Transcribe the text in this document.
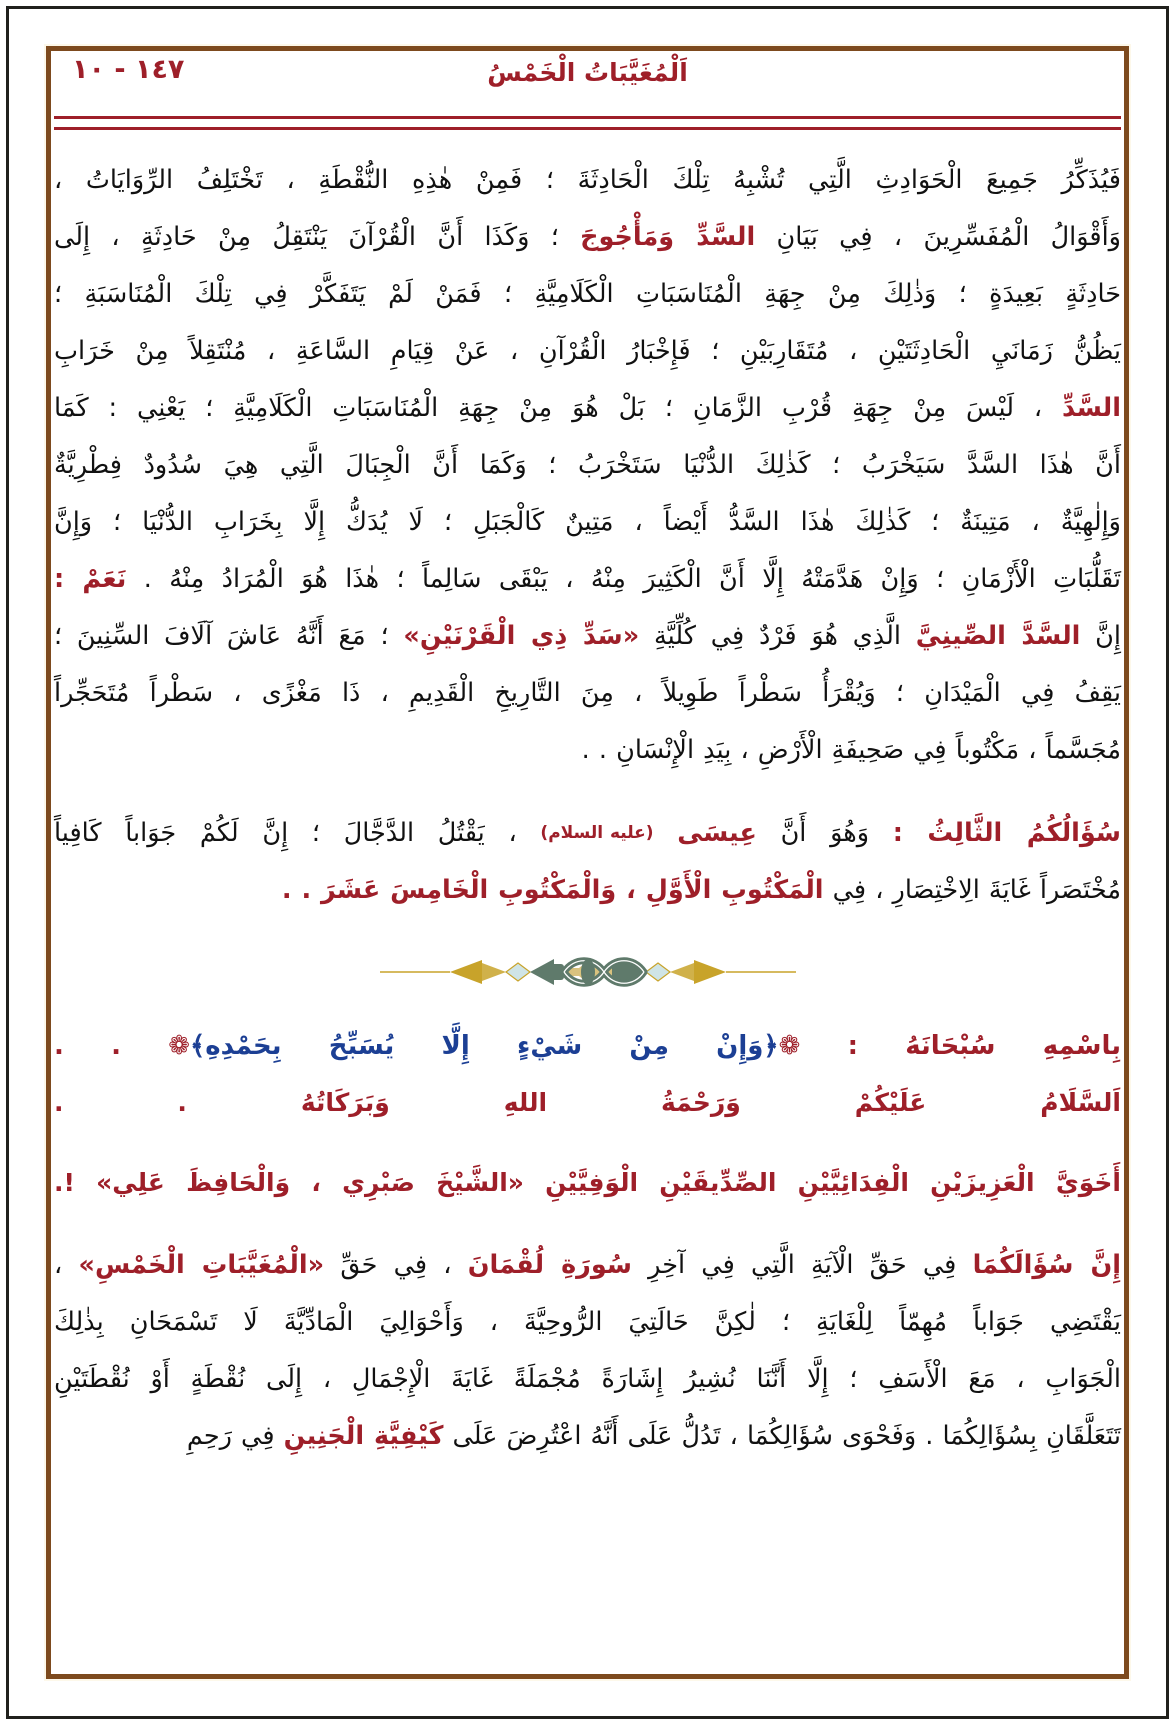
١٠ - ١٤٧	اَلْمُغَيَّبَاتُ الْخَمْسُ

فَيُذَكِّرُ جَمِيعَ الْحَوَادِثِ الَّتِي تُشْبِهُ تِلْكَ الْحَادِثَةَ ؛ فَمِنْ هٰذِهِ النُّقْطَةِ ، تَخْتَلِفُ الرِّوَايَاتُ ،
وَأَقْوَالُ الْمُفَسِّرِينَ ، فِي بَيَانِ السَّدِّ وَمَأْجُوجَ ؛ وَكَذَا أَنَّ الْقُرْآنَ يَنْتَقِلُ مِنْ حَادِثَةٍ ، إِلَى
حَادِثَةٍ بَعِيدَةٍ ؛ وَذٰلِكَ مِنْ جِهَةِ الْمُنَاسَبَاتِ الْكَلَامِيَّةِ ؛ فَمَنْ لَمْ يَتَفَكَّرْ فِي تِلْكَ الْمُنَاسَبَةِ ؛
يَظُنُّ زَمَانَيِ الْحَادِثَتَيْنِ ، مُتَقَارِبَيْنِ ؛ فَإِخْبَارُ الْقُرْآنِ ، عَنْ قِيَامِ السَّاعَةِ ، مُنْتَقِلاً مِنْ خَرَابِ
السَّدِّ ، لَيْسَ مِنْ جِهَةِ قُرْبِ الزَّمَانِ ؛ بَلْ هُوَ مِنْ جِهَةِ الْمُنَاسَبَاتِ الْكَلَامِيَّةِ ؛ يَعْنِي : كَمَا
أَنَّ هٰذَا السَّدَّ سَيَخْرَبُ ؛ كَذٰلِكَ الدُّنْيَا سَتَخْرَبُ ؛ وَكَمَا أَنَّ الْجِبَالَ الَّتِي هِيَ سُدُودٌ فِطْرِيَّةٌ
وَإِلٰهِيَّةٌ ، مَتِينَةٌ ؛ كَذٰلِكَ هٰذَا السَّدُّ أَيْضاً ، مَتِينٌ كَالْجَبَلِ ؛ لَا يُدَكُّ إِلَّا بِخَرَابِ الدُّنْيَا ؛ وَإِنَّ
تَقَلُّبَاتِ الْأَزْمَانِ ؛ وَإِنْ هَدَّمَتْهُ إِلَّا أَنَّ الْكَثِيرَ مِنْهُ ، يَبْقَى سَالِماً ؛ هٰذَا هُوَ الْمُرَادُ مِنْهُ . نَعَمْ :
إِنَّ السَّدَّ الصِّينِيَّ الَّذِي هُوَ فَرْدٌ فِي كُلِّيَّةِ «سَدِّ ذِي الْقَرْنَيْنِ» ؛ مَعَ أَنَّهُ عَاشَ آلَافَ السِّنِينَ ؛
يَقِفُ فِي الْمَيْدَانِ ؛ وَيُقْرَأُ سَطْراً طَوِيلاً ، مِنَ التَّارِيخِ الْقَدِيمِ ، ذَا مَغْزًى ، سَطْراً مُتَحَجِّراً
مُجَسَّماً ، مَكْتُوباً فِي صَحِيفَةِ الْأَرْضِ ، بِيَدِ الْإِنْسَانِ . .

سُؤَالُكُمُ الثَّالِثُ : وَهُوَ أَنَّ عِيسَى (عليه السلام) ، يَقْتُلُ الدَّجَّالَ ؛ إِنَّ لَكُمْ جَوَاباً كَافِياً
مُخْتَصَراً غَايَةَ الِاخْتِصَارِ ، فِي الْمَكْتُوبِ الْأَوَّلِ ، وَالْمَكْتُوبِ الْخَامِسَ عَشَرَ . .

بِاسْمِهِ سُبْحَانَهُ : ❁﴿وَإِنْ مِنْ شَيْءٍ إِلَّا يُسَبِّحُ بِحَمْدِهِ﴾❁ . .

اَلسَّلَامُ عَلَيْكُمْ وَرَحْمَةُ اللهِ وَبَرَكَاتُهُ . .

أَخَوَيَّ الْعَزِيزَيْنِ الْفِدَائِيَّيْنِ الصِّدِّيقَيْنِ الْوَفِيَّيْنِ «الشَّيْخَ صَبْرِي ، وَالْحَافِظَ عَلِي» !.

إِنَّ سُؤَالَكُمَا فِي حَقِّ الْآيَةِ الَّتِي فِي آخِرِ سُورَةِ لُقْمَانَ ، فِي حَقِّ «الْمُغَيَّبَاتِ الْخَمْسِ» ،
يَقْتَضِي جَوَاباً مُهِمّاً لِلْغَايَةِ ؛ لٰكِنَّ حَالَتِيَ الرُّوحِيَّةَ ، وَأَحْوَالِيَ الْمَادِّيَّةَ لَا تَسْمَحَانِ بِذٰلِكَ
الْجَوَابِ ، مَعَ الْأَسَفِ ؛ إِلَّا أَنَّنَا نُشِيرُ إِشَارَةً مُجْمَلَةً غَايَةَ الْإِجْمَالِ ، إِلَى نُقْطَةٍ أَوْ نُقْطَتَيْنِ
تَتَعَلَّقَانِ بِسُؤَالِكُمَا . وَفَحْوَى سُؤَالِكُمَا ، تَدُلُّ عَلَى أَنَّهُ اعْتُرِضَ عَلَى كَيْفِيَّةِ الْجَنِينِ فِي رَحِمِ
